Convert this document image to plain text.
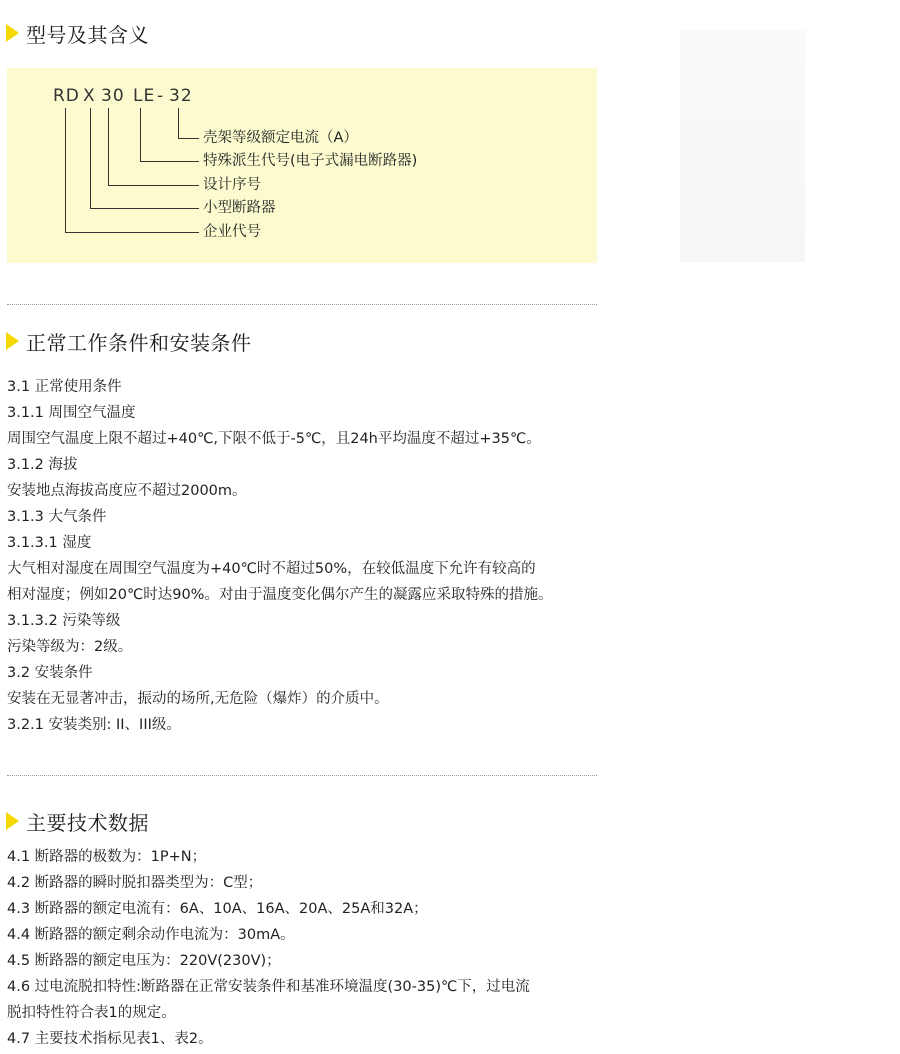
型号及其含义
RD X 30 LE - 32
壳架等级额定电流（A）
特殊派生代号(电子式漏电断路器)
设计序号
小型断路器
企业代号
正常工作条件和安装条件
3.1 正常使用条件
3.1.1 周围空气温度
周围空气温度上限不超过+40℃,下限不低于-5℃，且24h平均温度不超过+35℃。
3.1.2 海拔
安装地点海拔高度应不超过2000m。
3.1.3 大气条件
3.1.3.1 湿度
大气相对湿度在周围空气温度为+40℃时不超过50%，在较低温度下允许有较高的
相对湿度；例如20℃时达90%。对由于温度变化偶尔产生的凝露应采取特殊的措施。
3.1.3.2 污染等级
污染等级为：2级。
3.2 安装条件
安装在无显著冲击，振动的场所,无危险（爆炸）的介质中。
3.2.1 安装类别: II、III级。
主要技术数据
4.1 断路器的极数为：1P+N；
4.2 断路器的瞬时脱扣器类型为：C型；
4.3 断路器的额定电流有：6A、10A、16A、20A、25A和32A；
4.4 断路器的额定剩余动作电流为：30mA。
4.5 断路器的额定电压为：220V(230V)；
4.6 过电流脱扣特性:断路器在正常安装条件和基准环境温度(30-35)℃下，过电流
脱扣特性符合表1的规定。
4.7 主要技术指标见表1、表2。
